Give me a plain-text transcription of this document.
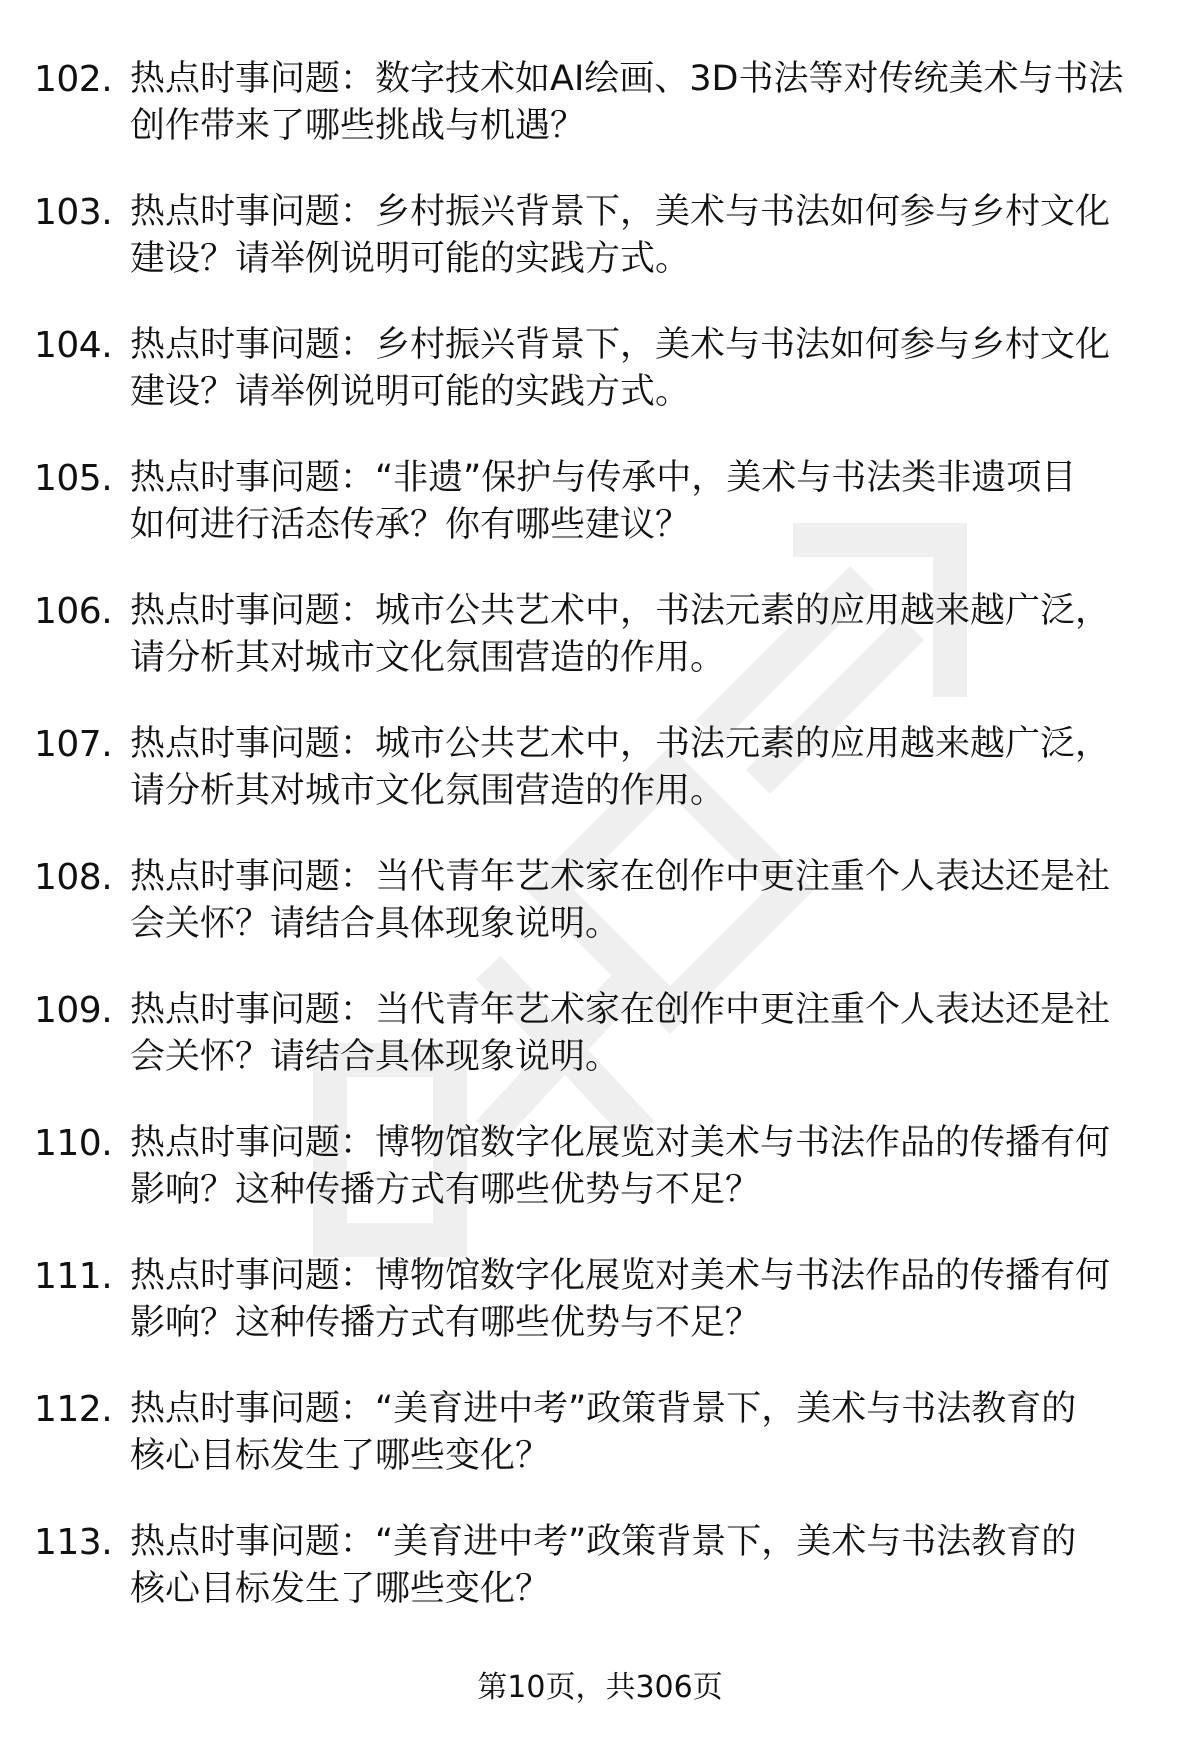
102. 热点时事问题：数字技术如AI绘画、3D书法等对传统美术与书法
创作带来了哪些挑战与机遇？
103. 热点时事问题：乡村振兴背景下，美术与书法如何参与乡村文化
建设？请举例说明可能的实践方式。
104. 热点时事问题：乡村振兴背景下，美术与书法如何参与乡村文化
建设？请举例说明可能的实践方式。
105. 热点时事问题：“非遗”保护与传承中，美术与书法类非遗项目
如何进行活态传承？你有哪些建议？
106. 热点时事问题：城市公共艺术中，书法元素的应用越来越广泛，
请分析其对城市文化氛围营造的作用。
107. 热点时事问题：城市公共艺术中，书法元素的应用越来越广泛，
请分析其对城市文化氛围营造的作用。
108. 热点时事问题：当代青年艺术家在创作中更注重个人表达还是社
会关怀？请结合具体现象说明。
109. 热点时事问题：当代青年艺术家在创作中更注重个人表达还是社
会关怀？请结合具体现象说明。
110. 热点时事问题：博物馆数字化展览对美术与书法作品的传播有何
影响？这种传播方式有哪些优势与不足？
111. 热点时事问题：博物馆数字化展览对美术与书法作品的传播有何
影响？这种传播方式有哪些优势与不足？
112. 热点时事问题：“美育进中考”政策背景下，美术与书法教育的
核心目标发生了哪些变化？
113. 热点时事问题：“美育进中考”政策背景下，美术与书法教育的
核心目标发生了哪些变化？
第10页，共306页
